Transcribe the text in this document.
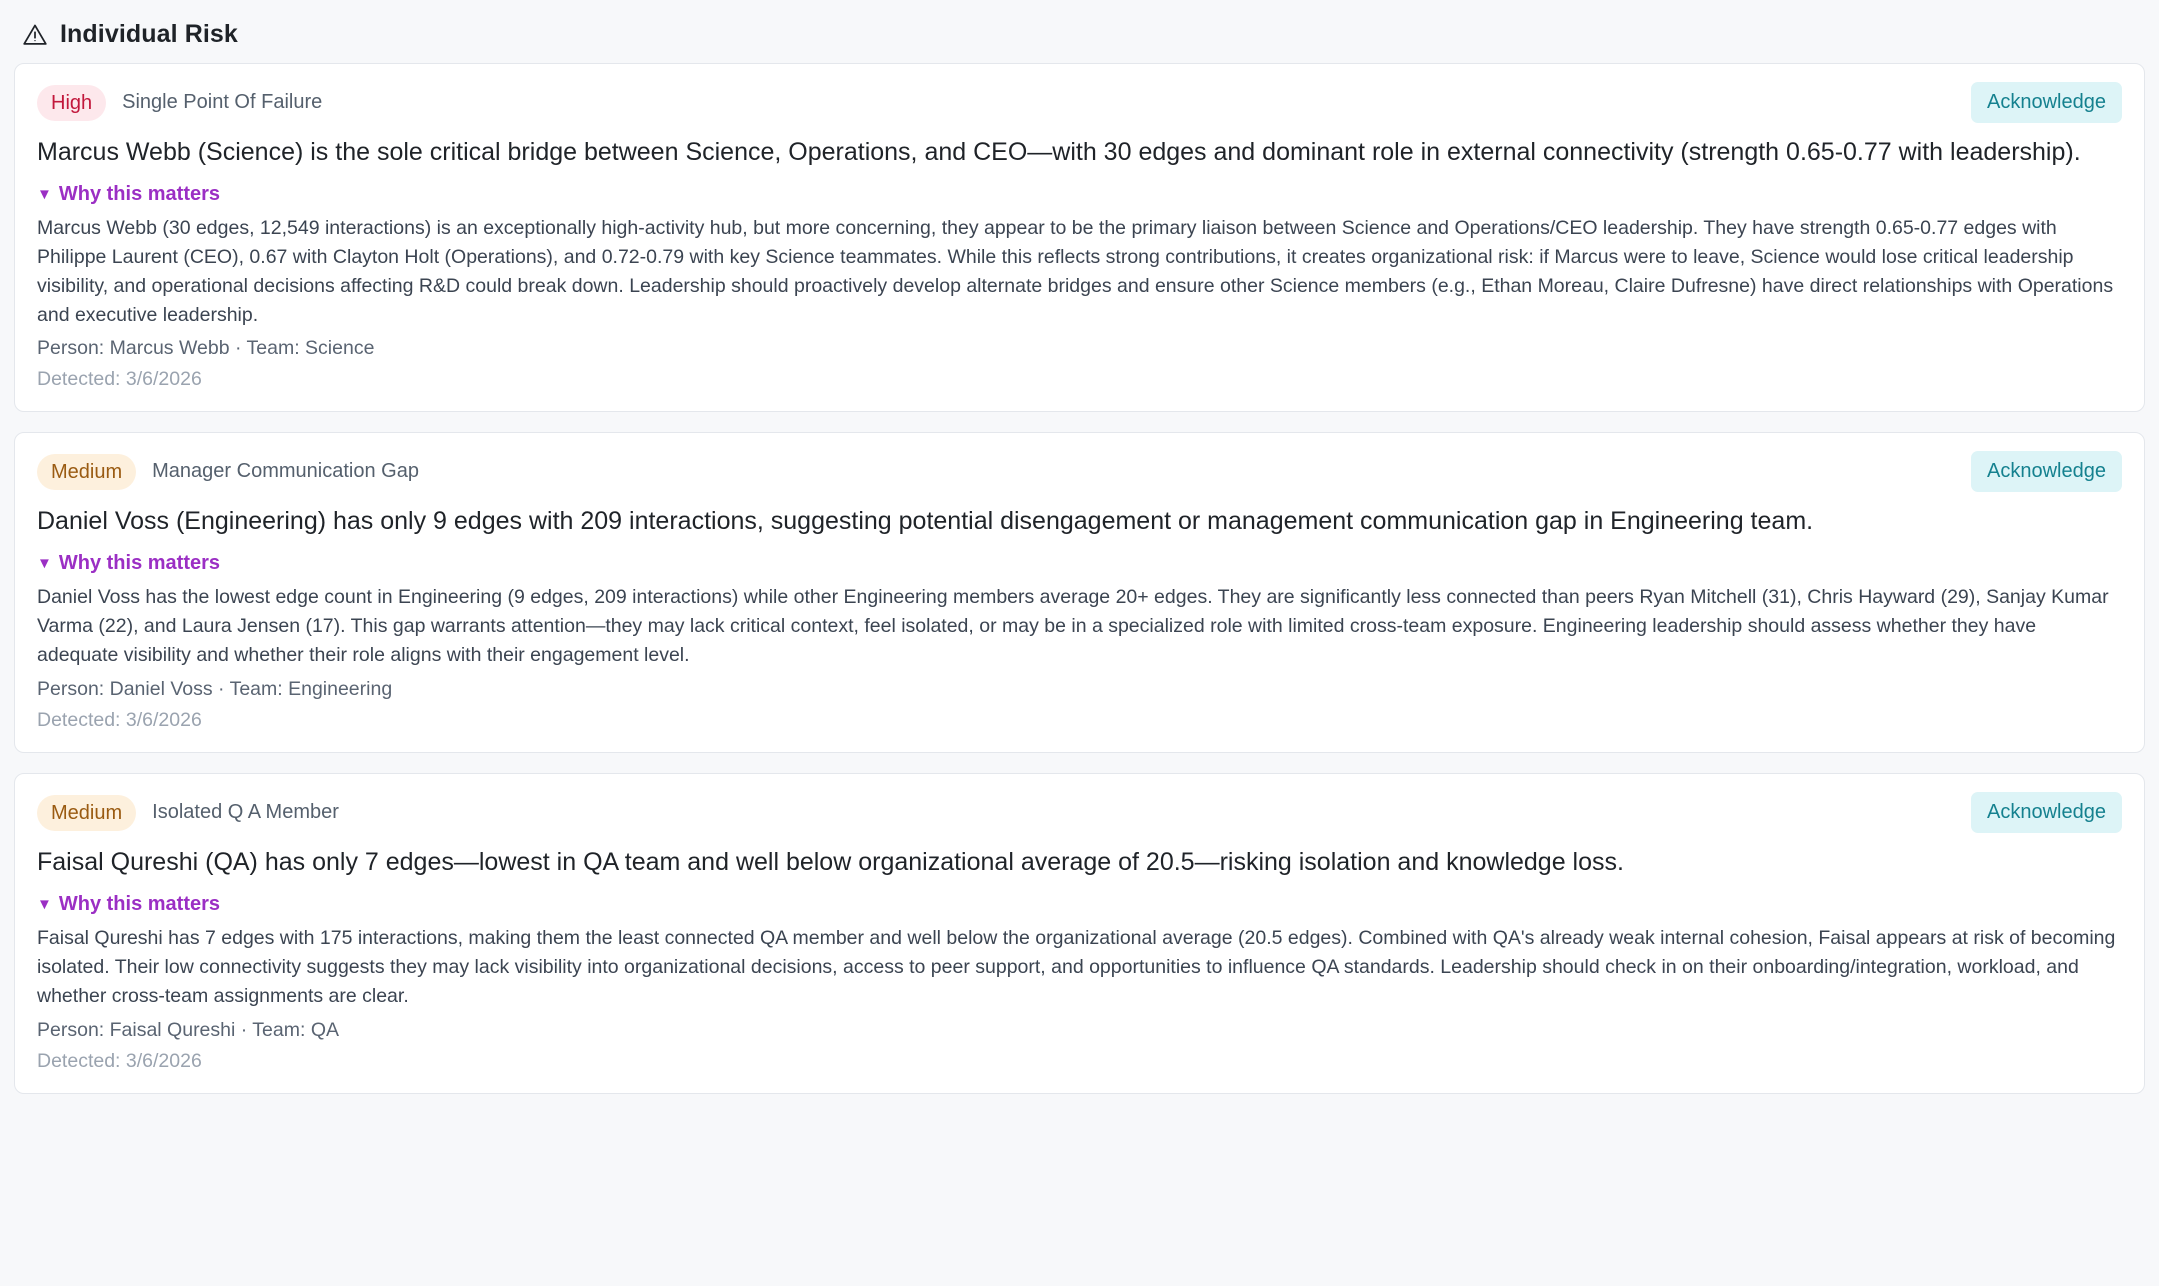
Individual Risk
High	Single Point Of Failure	Acknowledge
Marcus Webb (Science) is the sole critical bridge between Science, Operations, and CEO—with 30 edges and dominant role in external connectivity (strength 0.65-0.77 with leadership).
▼ Why this matters

Marcus Webb (30 edges, 12,549 interactions) is an exceptionally high-activity hub, but more concerning, they appear to be the primary liaison between Science and Operations/CEO leadership. They have strength 0.65-0.77 edges with Philippe Laurent (CEO), 0.67 with Clayton Holt (Operations), and 0.72-0.79 with key Science teammates. While this reflects strong contributions, it creates organizational risk: if Marcus were to leave, Science would lose critical leadership visibility, and operational decisions affecting R&D could break down. Leadership should proactively develop alternate bridges and ensure other Science members (e.g., Ethan Moreau, Claire Dufresne) have direct relationships with Operations and executive leadership.

Person: Marcus Webb · Team: Science
Detected: 3/6/2026
Medium	Manager Communication Gap	Acknowledge
Daniel Voss (Engineering) has only 9 edges with 209 interactions, suggesting potential disengagement or management communication gap in Engineering team.
▼ Why this matters

Daniel Voss has the lowest edge count in Engineering (9 edges, 209 interactions) while other Engineering members average 20+ edges. They are significantly less connected than peers Ryan Mitchell (31), Chris Hayward (29), Sanjay Kumar Varma (22), and Laura Jensen (17). This gap warrants attention—they may lack critical context, feel isolated, or may be in a specialized role with limited cross-team exposure. Engineering leadership should assess whether they have adequate visibility and whether their role aligns with their engagement level.

Person: Daniel Voss · Team: Engineering
Detected: 3/6/2026
Medium	Isolated Q A Member	Acknowledge
Faisal Qureshi (QA) has only 7 edges—lowest in QA team and well below organizational average of 20.5—risking isolation and knowledge loss.
▼ Why this matters

Faisal Qureshi has 7 edges with 175 interactions, making them the least connected QA member and well below the organizational average (20.5 edges). Combined with QA's already weak internal cohesion, Faisal appears at risk of becoming isolated. Their low connectivity suggests they may lack visibility into organizational decisions, access to peer support, and opportunities to influence QA standards. Leadership should check in on their onboarding/integration, workload, and whether cross-team assignments are clear.

Person: Faisal Qureshi · Team: QA
Detected: 3/6/2026
